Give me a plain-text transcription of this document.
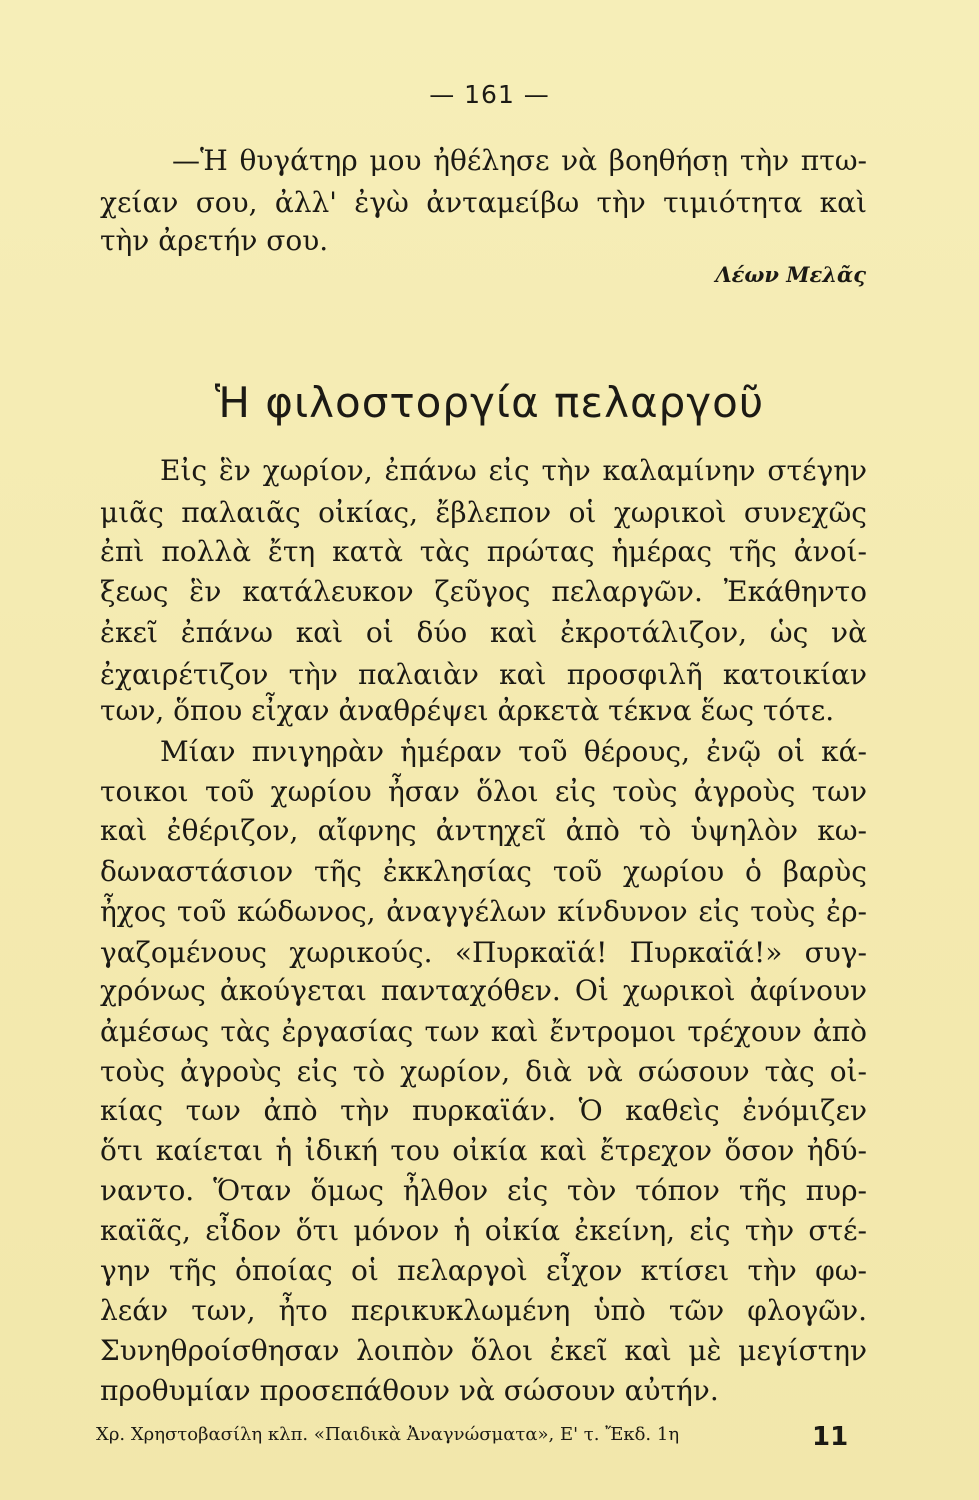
— 161 —
—Ἡ θυγάτηρ μου ἠθέλησε νὰ βοηθήσῃ τὴν πτω-
χείαν σου, ἀλλ' ἐγὼ ἀνταμείβω τὴν τιμιότητα καὶ
τὴν ἀρετήν σου.
Λέων Μελᾶς
Ἡ φιλοστοργία πελαργοῦ
Εἰς ἓν χωρίον, ἐπάνω εἰς τὴν καλαμίνην στέγην
μιᾶς παλαιᾶς οἰκίας, ἔβλεπον οἱ χωρικοὶ συνεχῶς
ἐπὶ πολλὰ ἔτη κατὰ τὰς πρώτας ἡμέρας τῆς ἀνοί-
ξεως ἓν κατάλευκον ζεῦγος πελαργῶν. Ἐκάθηντο
ἐκεῖ ἐπάνω καὶ οἱ δύο καὶ ἐκροτάλιζον, ὡς νὰ
ἐχαιρέτιζον τὴν παλαιὰν καὶ προσφιλῆ κατοικίαν
των, ὅπου εἶχαν ἀναθρέψει ἀρκετὰ τέκνα ἕως τότε.
Μίαν πνιγηρὰν ἡμέραν τοῦ θέρους, ἐνῷ οἱ κά-
τοικοι τοῦ χωρίου ἦσαν ὅλοι εἰς τοὺς ἀγροὺς των
καὶ ἐθέριζον, αἴφνης ἀντηχεῖ ἀπὸ τὸ ὑψηλὸν κω-
δωναστάσιον τῆς ἐκκλησίας τοῦ χωρίου ὁ βαρὺς
ἦχος τοῦ κώδωνος, ἀναγγέλων κίνδυνον εἰς τοὺς ἐρ-
γαζομένους χωρικούς. «Πυρκαϊά! Πυρκαϊά!» συγ-
χρόνως ἀκούγεται πανταχόθεν. Οἱ χωρικοὶ ἀφίνουν
ἀμέσως τὰς ἐργασίας των καὶ ἔντρομοι τρέχουν ἀπὸ
τοὺς ἀγροὺς εἰς τὸ χωρίον, διὰ νὰ σώσουν τὰς οἰ-
κίας των ἀπὸ τὴν πυρκαϊάν. Ὁ καθεὶς ἐνόμιζεν
ὅτι καίεται ἡ ἰδική του οἰκία καὶ ἔτρεχον ὅσον ἠδύ-
ναντο. Ὅταν ὅμως ἦλθον εἰς τὸν τόπον τῆς πυρ-
καϊᾶς, εἶδον ὅτι μόνον ἡ οἰκία ἐκείνη, εἰς τὴν στέ-
γην τῆς ὁποίας οἱ πελαργοὶ εἶχον κτίσει τὴν φω-
λεάν των, ἦτο περικυκλωμένη ὑπὸ τῶν φλογῶν.
Συνηθροίσθησαν λοιπὸν ὅλοι ἐκεῖ καὶ μὲ μεγίστην
προθυμίαν προσεπάθουν νὰ σώσουν αὐτήν.
Χρ. Χρηστοβασίλη κλπ. «Παιδικὰ Ἀναγνώσματα», Ε' τ. Ἔκδ. 1η	11
